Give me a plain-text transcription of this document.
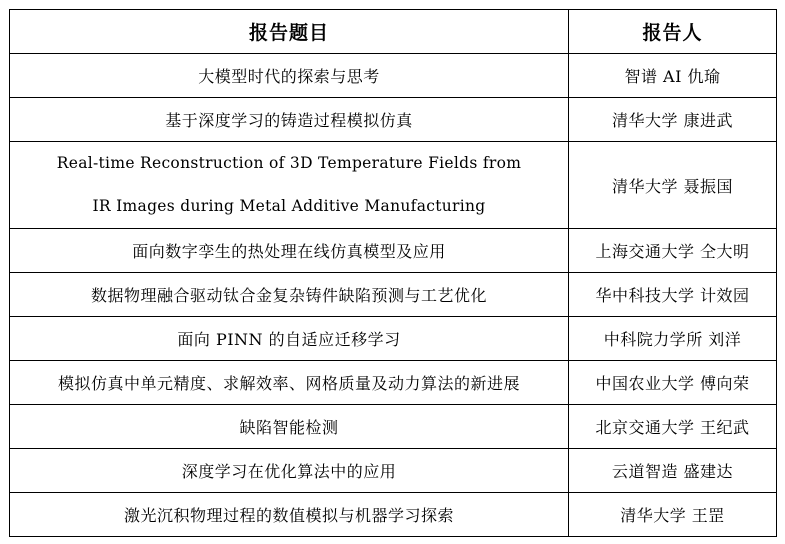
报告题目	报告人
大模型时代的探索与思考	智谱 AI 仇瑜
基于深度学习的铸造过程模拟仿真	清华大学 康进武

Real-time Reconstruction of 3D Temperature Fields from
IR Images during Metal Additive Manufacturing	清华大学 聂振国
面向数字孪生的热处理在线仿真模型及应用	上海交通大学 仝大明
数据物理融合驱动钛合金复杂铸件缺陷预测与工艺优化	华中科技大学 计效园
面向 PINN 的自适应迁移学习	中科院力学所 刘洋
模拟仿真中单元精度、求解效率、网格质量及动力算法的新进展	中国农业大学 傅向荣
缺陷智能检测	北京交通大学 王纪武
深度学习在优化算法中的应用	云道智造 盛建达
激光沉积物理过程的数值模拟与机器学习探索	清华大学 王罡
